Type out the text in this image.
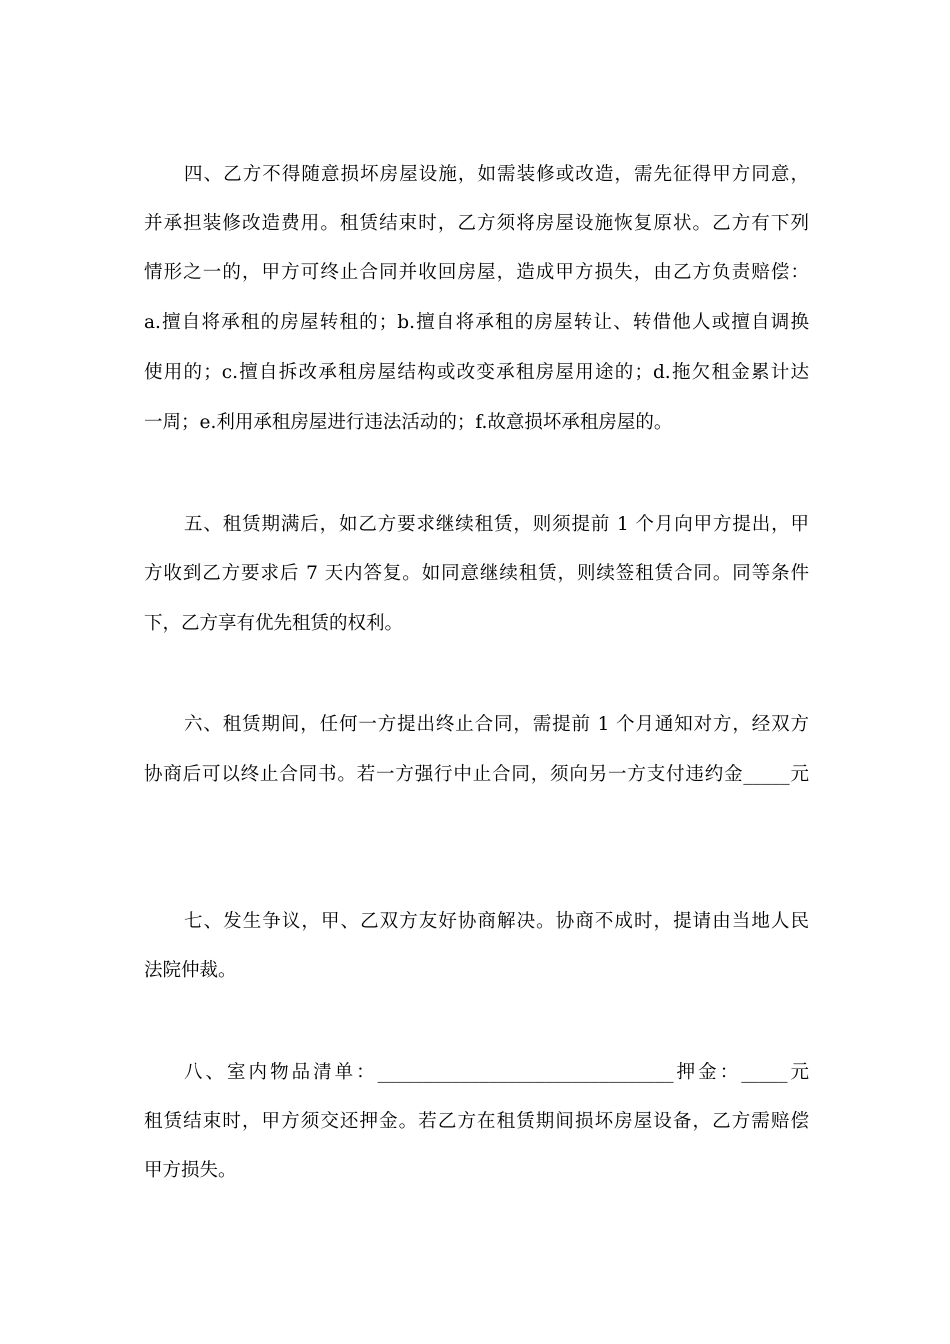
四、乙方不得随意损坏房屋设施，如需装修或改造，需先征得甲方同意，
并承担装修改造费用。租赁结束时，乙方须将房屋设施恢复原状。乙方有下列
情形之一的，甲方可终止合同并收回房屋，造成甲方损失，由乙方负责赔偿：
a.擅自将承租的房屋转租的；b.擅自将承租的房屋转让、转借他人或擅自调换
使用的；c.擅自拆改承租房屋结构或改变承租房屋用途的；d.拖欠租金累计达
一周；e.利用承租房屋进行违法活动的；f.故意损坏承租房屋的。
五、租赁期满后，如乙方要求继续租赁，则须提前 1 个月向甲方提出，甲
方收到乙方要求后 7 天内答复。如同意继续租赁，则续签租赁合同。同等条件
下，乙方享有优先租赁的权利。
六、租赁期间，任何一方提出终止合同，需提前 1 个月通知对方，经双方
协商后可以终止合同书。若一方强行中止合同，须向另一方支付违约金_____元
七、发生争议，甲、乙双方友好协商解决。协商不成时，提请由当地人民
法院仲裁。
八、室内物品清单：________________________________押金：_____元
租赁结束时，甲方须交还押金。若乙方在租赁期间损坏房屋设备，乙方需赔偿
甲方损失。
